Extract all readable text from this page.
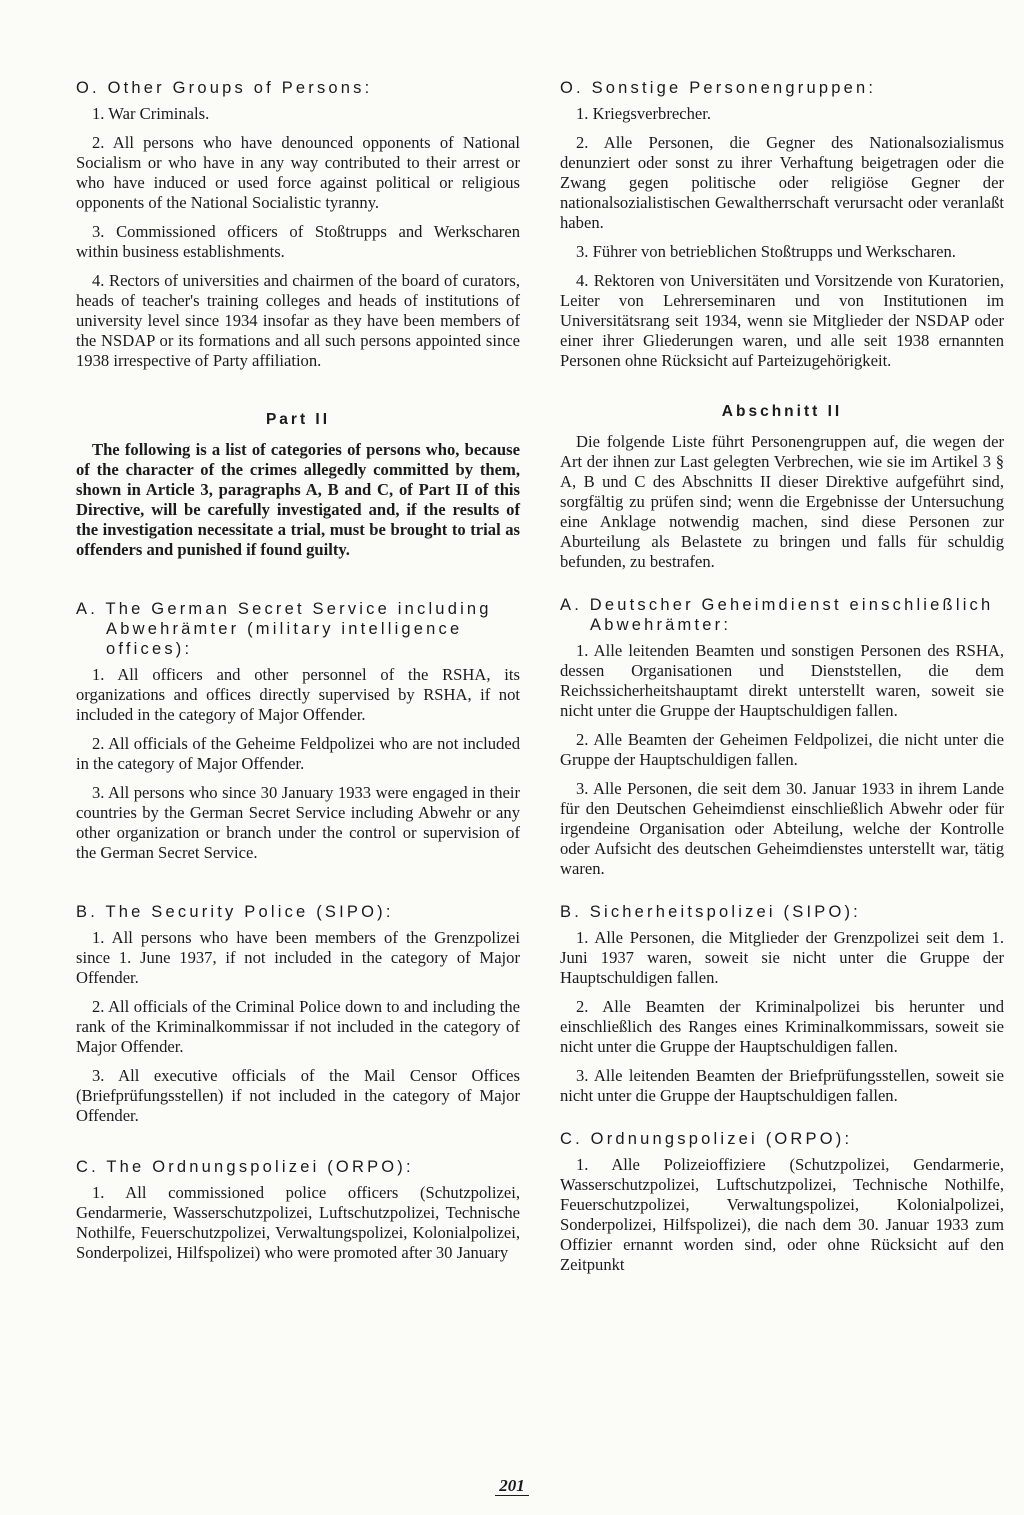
O. Other Groups of Persons:

1. War Criminals.

2. All persons who have denounced opponents of National Socialism or who have in any way contributed to their arrest or who have induced or used force against political or religious opponents of the National Socialistic tyranny.

3. Commissioned officers of Stoßtrupps and Werkscharen within business establishments.

4. Rectors of universities and chairmen of the board of curators, heads of teacher's training colleges and heads of institutions of university level since 1934 insofar as they have been members of the NSDAP or its formations and all such persons appointed since 1938 irrespective of Party affiliation.

Part II

The following is a list of categories of persons who, because of the character of the crimes allegedly committed by them, shown in Article 3, paragraphs A, B and C, of Part II of this Directive, will be carefully investigated and, if the results of the investigation necessitate a trial, must be brought to trial as offenders and punished if found guilty.

A. The German Secret Service including Abwehrämter (military intelligence offices):

1. All officers and other personnel of the RSHA, its organizations and offices directly supervised by RSHA, if not included in the category of Major Offender.

2. All officials of the Geheime Feldpolizei who are not included in the category of Major Offender.

3. All persons who since 30 January 1933 were engaged in their countries by the German Secret Service including Abwehr or any other organization or branch under the control or supervision of the German Secret Service.

B. The Security Police (SIPO):

1. All persons who have been members of the Grenzpolizei since 1. June 1937, if not included in the category of Major Offender.

2. All officials of the Criminal Police down to and including the rank of the Kriminalkommissar if not included in the category of Major Offender.

3. All executive officials of the Mail Censor Offices (Briefprüfungsstellen) if not included in the category of Major Offender.

C. The Ordnungspolizei (ORPO):

1. All commissioned police officers (Schutzpolizei, Gendarmerie, Wasserschutzpolizei, Luftschutzpolizei, Technische Nothilfe, Feuerschutzpolizei, Verwaltungspolizei, Kolonialpolizei, Sonderpolizei, Hilfspolizei) who were promoted after 30 January

O. Sonstige Personengruppen:

1. Kriegsverbrecher.

2. Alle Personen, die Gegner des Nationalsozialismus denunziert oder sonst zu ihrer Verhaftung beigetragen oder die Zwang gegen politische oder religiöse Gegner der nationalsozialistischen Gewaltherrschaft verursacht oder veranlaßt haben.

3. Führer von betrieblichen Stoßtrupps und Werkscharen.

4. Rektoren von Universitäten und Vorsitzende von Kuratorien, Leiter von Lehrerseminaren und von Institutionen im Universitätsrang seit 1934, wenn sie Mitglieder der NSDAP oder einer ihrer Gliederungen waren, und alle seit 1938 ernannten Personen ohne Rücksicht auf Parteizugehörigkeit.

Abschnitt II

Die folgende Liste führt Personengruppen auf, die wegen der Art der ihnen zur Last gelegten Verbrechen, wie sie im Artikel 3 § A, B und C des Abschnitts II dieser Direktive aufgeführt sind, sorgfältig zu prüfen sind; wenn die Ergebnisse der Untersuchung eine Anklage notwendig machen, sind diese Personen zur Aburteilung als Belastete zu bringen und falls für schuldig befunden, zu bestrafen.

A. Deutscher Geheimdienst einschließlich Abwehrämter:

1. Alle leitenden Beamten und sonstigen Personen des RSHA, dessen Organisationen und Dienststellen, die dem Reichssicherheitshauptamt direkt unterstellt waren, soweit sie nicht unter die Gruppe der Hauptschuldigen fallen.

2. Alle Beamten der Geheimen Feldpolizei, die nicht unter die Gruppe der Hauptschuldigen fallen.

3. Alle Personen, die seit dem 30. Januar 1933 in ihrem Lande für den Deutschen Geheimdienst einschließlich Abwehr oder für irgendeine Organisation oder Abteilung, welche der Kontrolle oder Aufsicht des deutschen Geheimdienstes unterstellt war, tätig waren.

B. Sicherheitspolizei (SIPO):

1. Alle Personen, die Mitglieder der Grenzpolizei seit dem 1. Juni 1937 waren, soweit sie nicht unter die Gruppe der Hauptschuldigen fallen.

2. Alle Beamten der Kriminalpolizei bis herunter und einschließlich des Ranges eines Kriminalkommissars, soweit sie nicht unter die Gruppe der Hauptschuldigen fallen.

3. Alle leitenden Beamten der Briefprüfungsstellen, soweit sie nicht unter die Gruppe der Hauptschuldigen fallen.

C. Ordnungspolizei (ORPO):

1. Alle Polizeioffiziere (Schutzpolizei, Gendarmerie, Wasserschutzpolizei, Luftschutzpolizei, Technische Nothilfe, Feuerschutzpolizei, Verwaltungspolizei, Kolonialpolizei, Sonderpolizei, Hilfspolizei), die nach dem 30. Januar 1933 zum Offizier ernannt worden sind, oder ohne Rücksicht auf den Zeitpunkt

201
